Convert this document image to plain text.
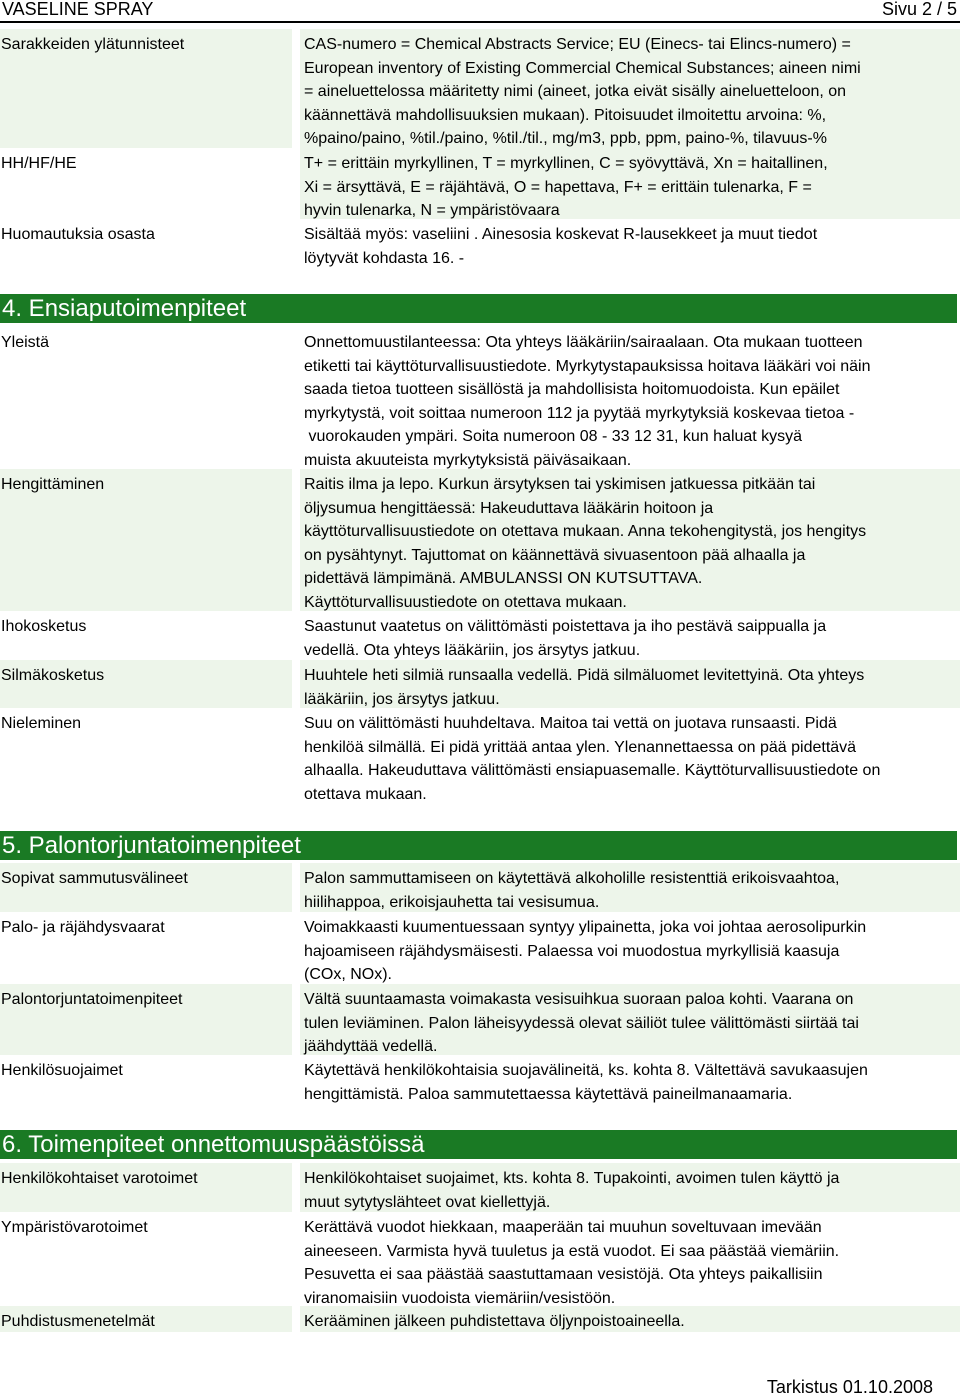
VASELINE SPRAY	Sivu 2 / 5
Sarakkeiden ylätunnisteet	CAS-numero = Chemical Abstracts Service; EU (Einecs- tai Elincs-numero) =
European inventory of Existing Commercial Chemical Substances; aineen nimi
= aineluettelossa määritetty nimi (aineet, jotka eivät sisälly aineluetteloon, on
käännettävä mahdollisuuksien mukaan). Pitoisuudet ilmoitettu arvoina: %,
%paino/paino, %til./paino, %til./til., mg/m3, ppb, ppm, paino-%, tilavuus-%
HH/HF/HE	T+ = erittäin myrkyllinen, T = myrkyllinen, C = syövyttävä, Xn = haitallinen,
Xi = ärsyttävä, E = räjähtävä, O = hapettava, F+ = erittäin tulenarka, F =
hyvin tulenarka, N = ympäristövaara
Huomautuksia osasta	Sisältää myös: vaseliini . Ainesosia koskevat R-lausekkeet ja muut tiedot
löytyvät kohdasta 16. -
4. Ensiaputoimenpiteet
Yleistä	Onnettomuustilanteessa: Ota yhteys lääkäriin/sairaalaan. Ota mukaan tuotteen
etiketti tai käyttöturvallisuustiedote. Myrkytystapauksissa hoitava lääkäri voi näin
saada tietoa tuotteen sisällöstä ja mahdollisista hoitomuodoista. Kun epäilet
myrkytystä, voit soittaa numeroon 112 ja pyytää myrkytyksiä koskevaa tietoa -
vuorokauden ympäri. Soita numeroon 08 - 33 12 31, kun haluat kysyä
muista akuuteista myrkytyksistä päiväsaikaan.
Hengittäminen	Raitis ilma ja lepo. Kurkun ärsytyksen tai yskimisen jatkuessa pitkään tai
öljysumua hengittäessä: Hakeuduttava lääkärin hoitoon ja
käyttöturvallisuustiedote on otettava mukaan. Anna tekohengitystä, jos hengitys
on pysähtynyt. Tajuttomat on käännettävä sivuasentoon pää alhaalla ja
pidettävä lämpimänä. AMBULANSSI ON KUTSUTTAVA.
Käyttöturvallisuustiedote on otettava mukaan.
Ihokosketus	Saastunut vaatetus on välittömästi poistettava ja iho pestävä saippualla ja
vedellä. Ota yhteys lääkäriin, jos ärsytys jatkuu.
Silmäkosketus	Huuhtele heti silmiä runsaalla vedellä. Pidä silmäluomet levitettyinä. Ota yhteys
lääkäriin, jos ärsytys jatkuu.
Nieleminen	Suu on välittömästi huuhdeltava. Maitoa tai vettä on juotava runsaasti. Pidä
henkilöä silmällä. Ei pidä yrittää antaa ylen. Ylenannettaessa on pää pidettävä
alhaalla. Hakeuduttava välittömästi ensiapuasemalle. Käyttöturvallisuustiedote on
otettava mukaan.
5. Palontorjuntatoimenpiteet
Sopivat sammutusvälineet	Palon sammuttamiseen on käytettävä alkoholille resistenttiä erikoisvaahtoa,
hiilihappoa, erikoisjauhetta tai vesisumua.
Palo- ja räjähdysvaarat	Voimakkaasti kuumentuessaan syntyy ylipainetta, joka voi johtaa aerosolipurkin
hajoamiseen räjähdysmäisesti. Palaessa voi muodostua myrkyllisiä kaasuja
(COx, NOx).
Palontorjuntatoimenpiteet	Vältä suuntaamasta voimakasta vesisuihkua suoraan paloa kohti. Vaarana on
tulen leviäminen. Palon läheisyydessä olevat säiliöt tulee välittömästi siirtää tai
jäähdyttää vedellä.
Henkilösuojaimet	Käytettävä henkilökohtaisia suojavälineitä, ks. kohta 8. Vältettävä savukaasujen
hengittämistä. Paloa sammutettaessa käytettävä paineilmanaamaria.
6. Toimenpiteet onnettomuuspäästöissä
Henkilökohtaiset varotoimet	Henkilökohtaiset suojaimet, kts. kohta 8. Tupakointi, avoimen tulen käyttö ja
muut sytytyslähteet ovat kiellettyjä.
Ympäristövarotoimet	Kerättävä vuodot hiekkaan, maaperään tai muuhun soveltuvaan imevään
aineeseen. Varmista hyvä tuuletus ja estä vuodot. Ei saa päästää viemäriin.
Pesuvetta ei saa päästää saastuttamaan vesistöjä. Ota yhteys paikallisiin
viranomaisiin vuodoista viemäriin/vesistöön.
Puhdistusmenetelmät	Kerääminen jälkeen puhdistettava öljynpoistoaineella.
Tarkistus 01.10.2008
